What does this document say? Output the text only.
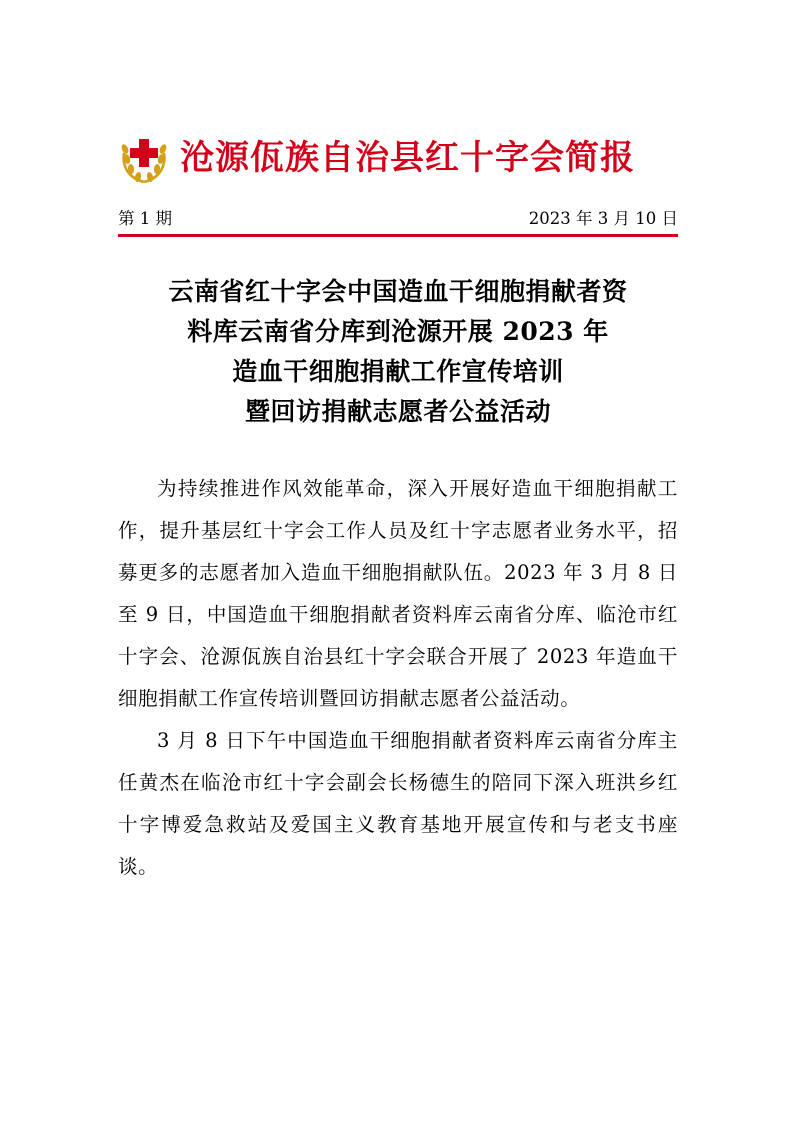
沧源佤族自治县红十字会简报
第 1 期	2023 年 3 月 10 日
云南省红十字会中国造血干细胞捐献者资
料库云南省分库到沧源开展 2023 年
造血干细胞捐献工作宣传培训
暨回访捐献志愿者公益活动

为持续推进作风效能革命，深入开展好造血干细胞捐献工作，提升基层红十字会工作人员及红十字志愿者业务水平，招募更多的志愿者加入造血干细胞捐献队伍。2023 年 3 月 8 日至 9 日，中国造血干细胞捐献者资料库云南省分库、临沧市红十字会、沧源佤族自治县红十字会联合开展了 2023 年造血干细胞捐献工作宣传培训暨回访捐献志愿者公益活动。

3 月 8 日下午中国造血干细胞捐献者资料库云南省分库主任黄杰在临沧市红十字会副会长杨德生的陪同下深入班洪乡红十字博爱急救站及爱国主义教育基地开展宣传和与老支书座谈。
